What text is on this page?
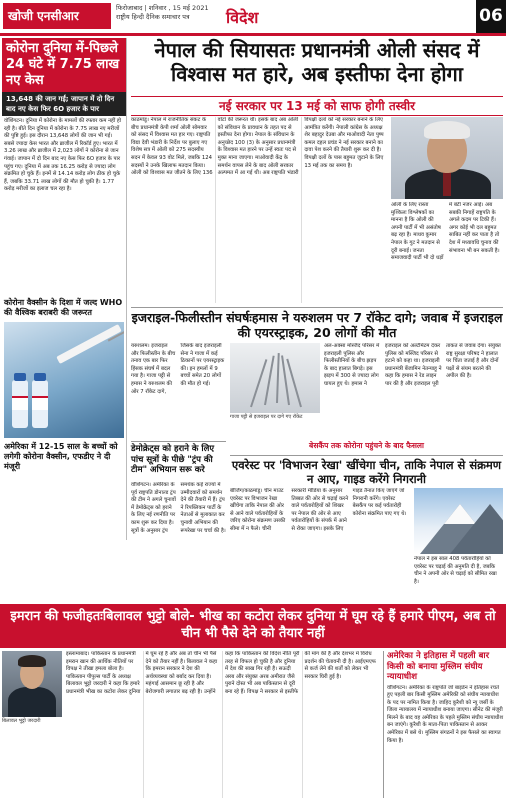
खोजी एनसीआर
फिरोजाबाद | शनिवार , 15 मई 2021
राष्ट्रीय हिन्दी दैनिक समाचार पत्र	विदेश	06
कोरोना दुनिया में-पिछले 24 घंटे में 7.75 लाख नए केस
13,648 की जान गई; जापान में दो दिन बाद नए केस फिर 6O हजार के पार
वॉशिंगटन। दुनिया में कोरोना के मामलों की रफ्तार कम नहीं हो रही है। बीते दिन दुनिया में कोरोना के 7.75 लाख नए मरीजों की पुष्टि हुई। इस दौरान 13,648 लोगों की जान भी गई। सबसे ज्यादा केस भारत और ब्राजील में रिकॉर्ड हुए। भारत में 3.26 लाख और ब्राजील में 2,023 लोगों ने कोरोना से जान गंवाई। जापान में दो दिन बाद नए केस फिर 6O हजार के पार पहुंच गए। दुनिया में अब तक 16.25 करोड़ से ज्यादा लोग संक्रमित हो चुके हैं। इनमें से 14.14 करोड़ लोग ठीक हो चुके हैं, जबकि 33.71 लाख लोगों की मौत हो चुकी है। 1.77 करोड़ मरीजों का इलाज चल रहा है।
कोरोना वैक्सीन के दिशा में जल्द WHO की वैश्विक बराबरी की जरूरत
अमेरिका में 12-15 साल के बच्चों को लगेगी कोरोना वैक्सीन, एफडीए ने दी मंजूरी
नेपाल की सियासतः प्रधानमंत्री ओली संसद में विश्वास मत हारे, अब इस्तीफा देना होगा
नई सरकार पर 13 मई को साफ होगी तस्वीर
काठमांडू। नेपाल में राजनीतिक संकट के बीच प्रधानमंत्री केपी शर्मा ओली सोमवार को संसद में विश्वास मत हार गए। राष्ट्रपति विद्या देवी भंडारी के निर्देश पर बुलाए गए विशेष सत्र में ओली को 275 सदस्यीय सदन में केवल 93 वोट मिले, जबकि 124 सदस्यों ने उनके खिलाफ मतदान किया। ओली को विश्वास मत जीतने के लिए 136 वोटों की जरूरत थी। इसके बाद अब ओली को संविधान के प्रावधान के तहत पद से इस्तीफा देना होगा। नेपाल के संविधान के अनुच्छेद 100 (3) के अनुसार प्रधानमंत्री के विश्वास मत हारने पर उन्हें स्वतः पद से मुक्त माना जाएगा। माओवादी केंद्र के समर्थन वापस लेने के बाद ओली सरकार अल्पमत में आ गई थी। अब राष्ट्रपति भंडारी विपक्षी दलों को नई सरकार बनाने के लिए आमंत्रित करेंगी। नेपाली कांग्रेस के अध्यक्ष शेर बहादुर देउबा और माओवादी नेता पुष्प कमल दहल प्रचंड ने नई सरकार बनाने का दावा पेश करने की तैयारी शुरू कर दी है। विपक्षी दलों के पास बहुमत जुटाने के लिए 13 मई तक का समय है।
ओली के लिए रास्ता मुश्किलः विश्लेषकों का मानना है कि ओली की अपनी पार्टी में भी असंतोष बढ़ रहा है। माधव कुमार नेपाल के गुट ने मतदान से दूरी बनाई। जनता समाजवादी पार्टी भी दो धड़ों में बंटी नजर आई। अब सबकी निगाहें राष्ट्रपति के अगले कदम पर टिकी हैं। अगर कोई भी दल बहुमत साबित नहीं कर पाता है तो देश में मध्यावधि चुनाव की संभावना भी बन सकती है।
इजराइल-फिलीस्तीन संघर्षःहमास ने यरुशलम पर 7 रॉकेट दागे; जवाब में इजराइल की एयरस्ट्राइक, 20 लोगों की मौत
यरुशलम। इजराइल और फिलीस्तीन के बीच तनाव एक बार फिर हिंसक संघर्ष में बदल गया है। गाजा पट्टी से हमास ने यरुशलम की ओर 7 रॉकेट दागे, जिसके बाद इजराइली सेना ने गाजा में कई ठिकानों पर एयरस्ट्राइक की। इन हमलों में 9 बच्चों समेत 20 लोगों की मौत हो गई।
गाजा पट्टी से इजराइल पर दागे गए रॉकेट
अल-अक्सा मस्जिद परिसर में इजराइली पुलिस और फिलीस्तीनियों के बीच झड़प के बाद हालात बिगड़े। इस झड़प में 300 से ज्यादा लोग घायल हुए थे। हमास ने इजराइल को अल्टीमेटम देकर पुलिस को मस्जिद परिसर से हटाने को कहा था। इजराइली प्रधानमंत्री बेंजामिन नेतन्याहू ने कहा कि हमास ने रेड लाइन पार की है और इजराइल पूरी ताकत से जवाब देगा। संयुक्त राष्ट्र सुरक्षा परिषद ने हालात पर चिंता जताई है और दोनों पक्षों से संयम बरतने की अपील की है।
डेमोक्रेट्स को हराने के लिए पांच सूत्रों के पीछे "ट्रंप की टीम" अभियान सरू करे
वॉशिंगटन। अमेरिका के पूर्व राष्ट्रपति डोनाल्ड ट्रंप की टीम ने अगले चुनावों में डेमोक्रेट्स को हराने के लिए नई रणनीति पर काम शुरू कर दिया है। सूत्रों के अनुसार ट्रंप समर्थक कई राज्यों में उम्मीदवारों को समर्थन देने की तैयारी में हैं। ट्रंप ने रिपब्लिकन पार्टी के नेताओं से मुलाकात कर चुनावी अभियान की रूपरेखा पर चर्चा की है।
बेसकैंप तक कोरोना पहुंचने के बाद फैसला
एवरेस्ट पर 'विभाजन रेखा' खींचेगा चीन, ताकि नेपाल से संक्रमण न आए, गाइड करेंगे निगरानी
बीजिंग/काठमांडू। चीन माउंट एवरेस्ट पर विभाजन रेखा खींचेगा ताकि नेपाल की ओर से आने वाले पर्वतारोहियों के जरिए कोरोना संक्रमण उसकी सीमा में न फैले। चीनी सरकारी मीडिया के अनुसार तिब्बत की ओर से चढ़ाई करने वाले पर्वतारोहियों को शिखर पर नेपाल की ओर से आए पर्वतारोहियों के संपर्क में आने से रोका जाएगा। इसके लिए गाइड तैनात किए जाएंगे जो निगरानी करेंगे। एवरेस्ट बेसकैंप पर कई पर्वतारोही कोरोना संक्रमित पाए गए थे।
नेपाल ने इस साल 408 पर्वतारोहियों को एवरेस्ट पर चढ़ाई की अनुमति दी है, जबकि चीन ने अपनी ओर से चढ़ाई को सीमित रखा है।
इमरान की फजीहतःबिलावल भुट्टो बोले- भीख का कटोरा लेकर दुनिया में घूम रहे हैं हमारे पीएम, अब तो चीन भी पैसे देने को तैयार नहीं
बिलावल भुट्टो जरदारी
इस्लामाबाद। पाकिस्तान के प्रधानमंत्री इमरान खान की आर्थिक नीतियों पर विपक्ष ने तीखा हमला बोला है। पाकिस्तान पीपुल्स पार्टी के अध्यक्ष बिलावल भुट्टो जरदारी ने कहा कि हमारे प्रधानमंत्री भीख का कटोरा लेकर दुनिया में घूम रहे हैं और अब तो चीन भी पैसे देने को तैयार नहीं है। बिलावल ने कहा कि इमरान सरकार ने देश की अर्थव्यवस्था को बर्बाद कर दिया है। महंगाई आसमान छू रही है और बेरोजगारी लगातार बढ़ रही है। उन्होंने कहा कि पाकिस्तान की विदेश नीति पूरी तरह से विफल हो चुकी है और दुनिया में देश की साख गिर रही है। सऊदी अरब और संयुक्त अरब अमीरात जैसे पुराने दोस्त भी अब पाकिस्तान से दूरी बना रहे हैं। विपक्ष ने सरकार से इस्तीफे की मांग की है और देशभर में विरोध प्रदर्शन की चेतावनी दी है। आईएमएफ से कर्ज लेने की शर्तों को लेकर भी सरकार घिरी हुई है।
अमेरिका ने इतिहास में पहली बार किसी को बनाया मुस्लिम संघीय न्यायाधीश
वॉशिंगटन। अमेरिका के राष्ट्रपति जो बाइडेन ने इतिहास रचते हुए पहली बार किसी मुस्लिम अमेरिकी को संघीय न्यायाधीश के पद पर नामित किया है। जाहिद कुरैशी को न्यू जर्सी के जिला न्यायालय में न्यायाधीश बनाया जाएगा। सीनेट की मंजूरी मिलने के बाद वह अमेरिका के पहले मुस्लिम संघीय न्यायाधीश बन जाएंगे। कुरैशी के माता-पिता पाकिस्तान से आकर अमेरिका में बसे थे। मुस्लिम संगठनों ने इस फैसले का स्वागत किया है।
